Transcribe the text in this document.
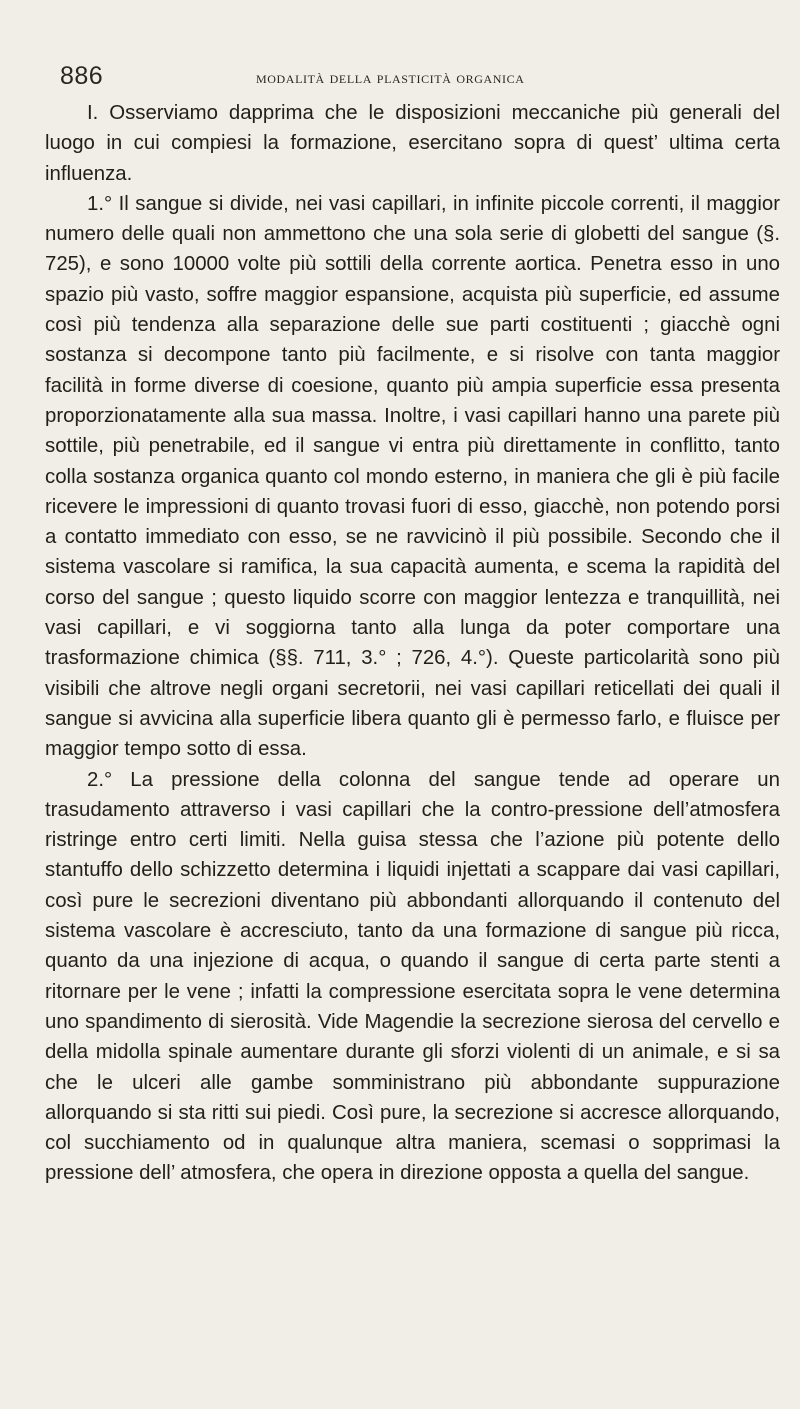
886	modalità della plasticità organica

I. Osserviamo dapprima che le disposizioni meccaniche più generali del luogo in cui compiesi la formazione, esercitano sopra di quest’ ultima certa influenza.

1.° Il sangue si divide, nei vasi capillari, in infinite piccole correnti, il maggior numero delle quali non ammettono che una sola serie di globetti del sangue (§. 725), e sono 10000 volte più sottili della corrente aortica. Penetra esso in uno spazio più vasto, soffre maggior espansione, acquista più superficie, ed assume così più tendenza alla separazione delle sue parti costituenti ; giacchè ogni sostanza si decompone tanto più facilmente, e si risolve con tanta maggior facilità in forme diverse di coesione, quanto più ampia superficie essa presenta proporzionatamente alla sua massa. Inoltre, i vasi capillari hanno una parete più sottile, più penetrabile, ed il sangue vi entra più direttamente in conflitto, tanto colla sostanza organica quanto col mondo esterno, in maniera che gli è più facile ricevere le impressioni di quanto trovasi fuori di esso, giacchè, non potendo porsi a contatto immediato con esso, se ne ravvicinò il più possibile. Secondo che il sistema vascolare si ramifica, la sua capacità aumenta, e scema la rapidità del corso del sangue ; questo liquido scorre con maggior lentezza e tranquillità, nei vasi capillari, e vi soggiorna tanto alla lunga da poter comportare una trasformazione chimica (§§. 711, 3.° ; 726, 4.°). Queste particolarità sono più visibili che altrove negli organi secretorii, nei vasi capillari reticellati dei quali il sangue si avvicina alla superficie libera quanto gli è permesso farlo, e fluisce per maggior tempo sotto di essa.

2.° La pressione della colonna del sangue tende ad operare un trasudamento attraverso i vasi capillari che la contro-pressione dell’atmosfera ristringe entro certi limiti. Nella guisa stessa che l’azione più potente dello stantuffo dello schizzetto determina i liquidi injettati a scappare dai vasi capillari, così pure le secrezioni diventano più abbondanti allorquando il contenuto del sistema vascolare è accresciuto, tanto da una formazione di sangue più ricca, quanto da una injezione di acqua, o quando il sangue di certa parte stenti a ritornare per le vene ; infatti la compressione esercitata sopra le vene determina uno spandimento di sierosità. Vide Magendie la secrezione sierosa del cervello e della midolla spinale aumentare durante gli sforzi violenti di un animale, e si sa che le ulceri alle gambe somministrano più abbondante suppurazione allorquando si sta ritti sui piedi. Così pure, la secrezione si accresce allorquando, col succhiamento od in qualunque altra maniera, scemasi o sopprimasi la pressione dell’ atmosfera, che opera in direzione opposta a quella del sangue.
